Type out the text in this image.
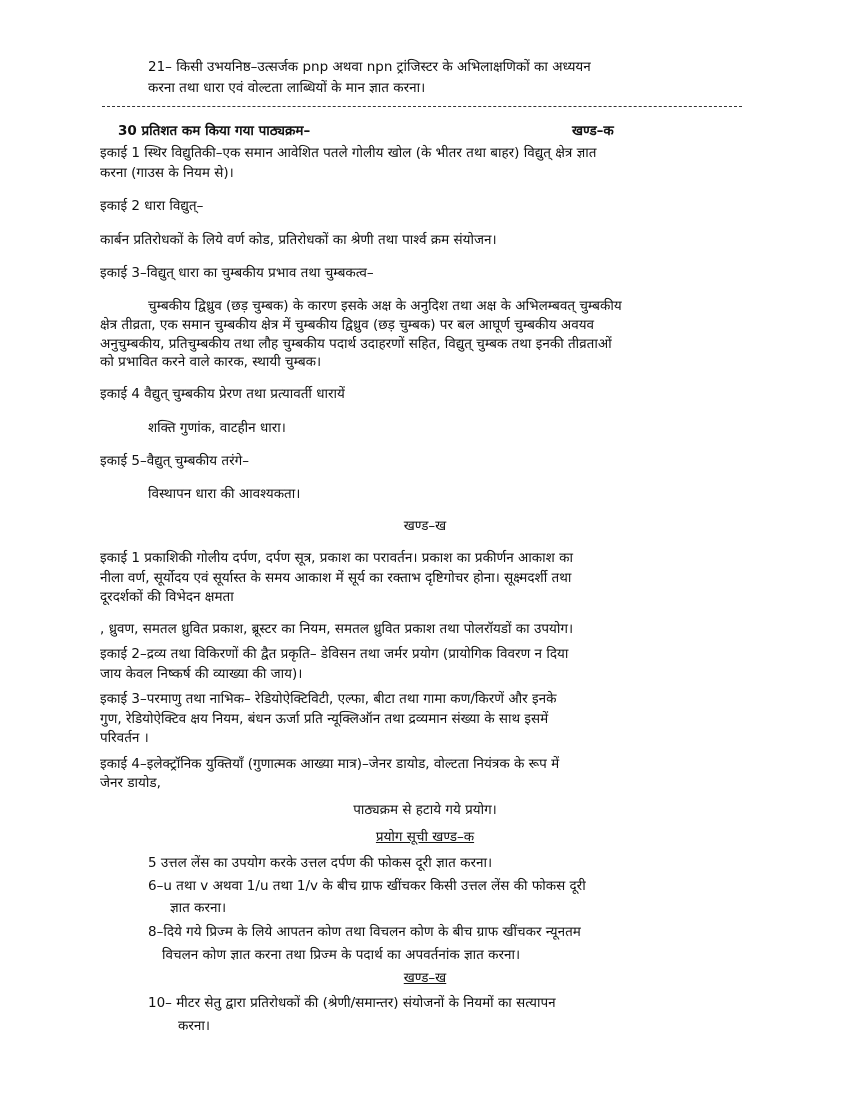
21– किसी उभयनिष्ठ–उत्सर्जक pnp अथवा npn ट्रांजिस्टर के अभिलाक्षणिकों का अध्ययन
करना तथा धारा एवं वोल्टता लाब्धियों के मान ज्ञात करना।
30 प्रतिशत कम किया गया पाठ्यक्रम–	खण्ड–क
इकाई 1 स्थिर विद्युतिकी–एक समान आवेशित पतले गोलीय खोल (के भीतर तथा बाहर) विद्युत् क्षेत्र ज्ञात
करना (गाउस के नियम से)।
इकाई 2 धारा विद्युत्–
कार्बन प्रतिरोधकों के लिये वर्ण कोड, प्रतिरोधकों का श्रेणी तथा पार्श्व क्रम संयोजन।
इकाई 3–विद्युत् धारा का चुम्बकीय प्रभाव तथा चुम्बकत्व–
चुम्बकीय द्विध्रुव (छड़ चुम्बक) के कारण इसके अक्ष के अनुदिश तथा अक्ष के अभिलम्बवत् चुम्बकीय
क्षेत्र तीव्रता, एक समान चुम्बकीय क्षेत्र में चुम्बकीय द्विध्रुव (छड़ चुम्बक) पर बल आघूर्ण चुम्बकीय अवयव
अनुचुम्बकीय, प्रतिचुम्बकीय तथा लौह चुम्बकीय पदार्थ उदाहरणों सहित, विद्युत् चुम्बक तथा इनकी तीव्रताओं
को प्रभावित करने वाले कारक, स्थायी चुम्बक।
इकाई 4 वैद्युत् चुम्बकीय प्रेरण तथा प्रत्यावर्ती धारायें
शक्ति गुणांक, वाटहीन धारा।
इकाई 5–वैद्युत् चुम्बकीय तरंगे–
विस्थापन धारा की आवश्यकता।
खण्ड–ख
इकाई 1 प्रकाशिकी गोलीय दर्पण, दर्पण सूत्र, प्रकाश का परावर्तन। प्रकाश का प्रकीर्णन आकाश का
नीला वर्ण, सूर्योदय एवं सूर्यास्त के समय आकाश में सूर्य का रक्ताभ दृष्टिगोचर होना। सूक्ष्मदर्शी तथा
दूरदर्शकों की विभेदन क्षमता
, ध्रुवण, समतल ध्रुवित प्रकाश, ब्रूस्टर का नियम, समतल ध्रुवित प्रकाश तथा पोलरॉयडों का उपयोग।
इकाई 2–द्रव्य तथा विकिरणों की द्वैत प्रकृति– डेविसन तथा जर्मर प्रयोग (प्रायोगिक विवरण न दिया
जाय केवल निष्कर्ष की व्याख्या की जाय)।
इकाई 3–परमाणु तथा नाभिक– रेडियोऐक्टिविटी, एल्फा, बीटा तथा गामा कण/किरणें और इनके
गुण, रेडियोऐक्टिव क्षय नियम, बंधन ऊर्जा प्रति न्यूक्लिऑन तथा द्रव्यमान संख्या के साथ इसमें
परिवर्तन ।
इकाई 4–इलेक्ट्रॉनिक युक्तियाँ (गुणात्मक आख्या मात्र)–जेनर डायोड, वोल्टता नियंत्रक के रूप में
जेनर डायोड,
पाठ्यक्रम से हटाये गये प्रयोग।
प्रयोग सूची खण्ड–क
5 उत्तल लेंस का उपयोग करके उत्तल दर्पण की फोकस दूरी ज्ञात करना।
6–u तथा v अथवा 1/u तथा 1/v के बीच ग्राफ खींचकर किसी उत्तल लेंस की फोकस दूरी
ज्ञात करना।
8–दिये गये प्रिज्म के लिये आपतन कोण तथा विचलन कोण के बीच ग्राफ खींचकर न्यूनतम
विचलन कोण ज्ञात करना तथा प्रिज्म के पदार्थ का अपवर्तनांक ज्ञात करना।
खण्ड–ख
10– मीटर सेतु द्वारा प्रतिरोधकों की (श्रेणी/समान्तर) संयोजनों के नियमों का सत्यापन
करना।
